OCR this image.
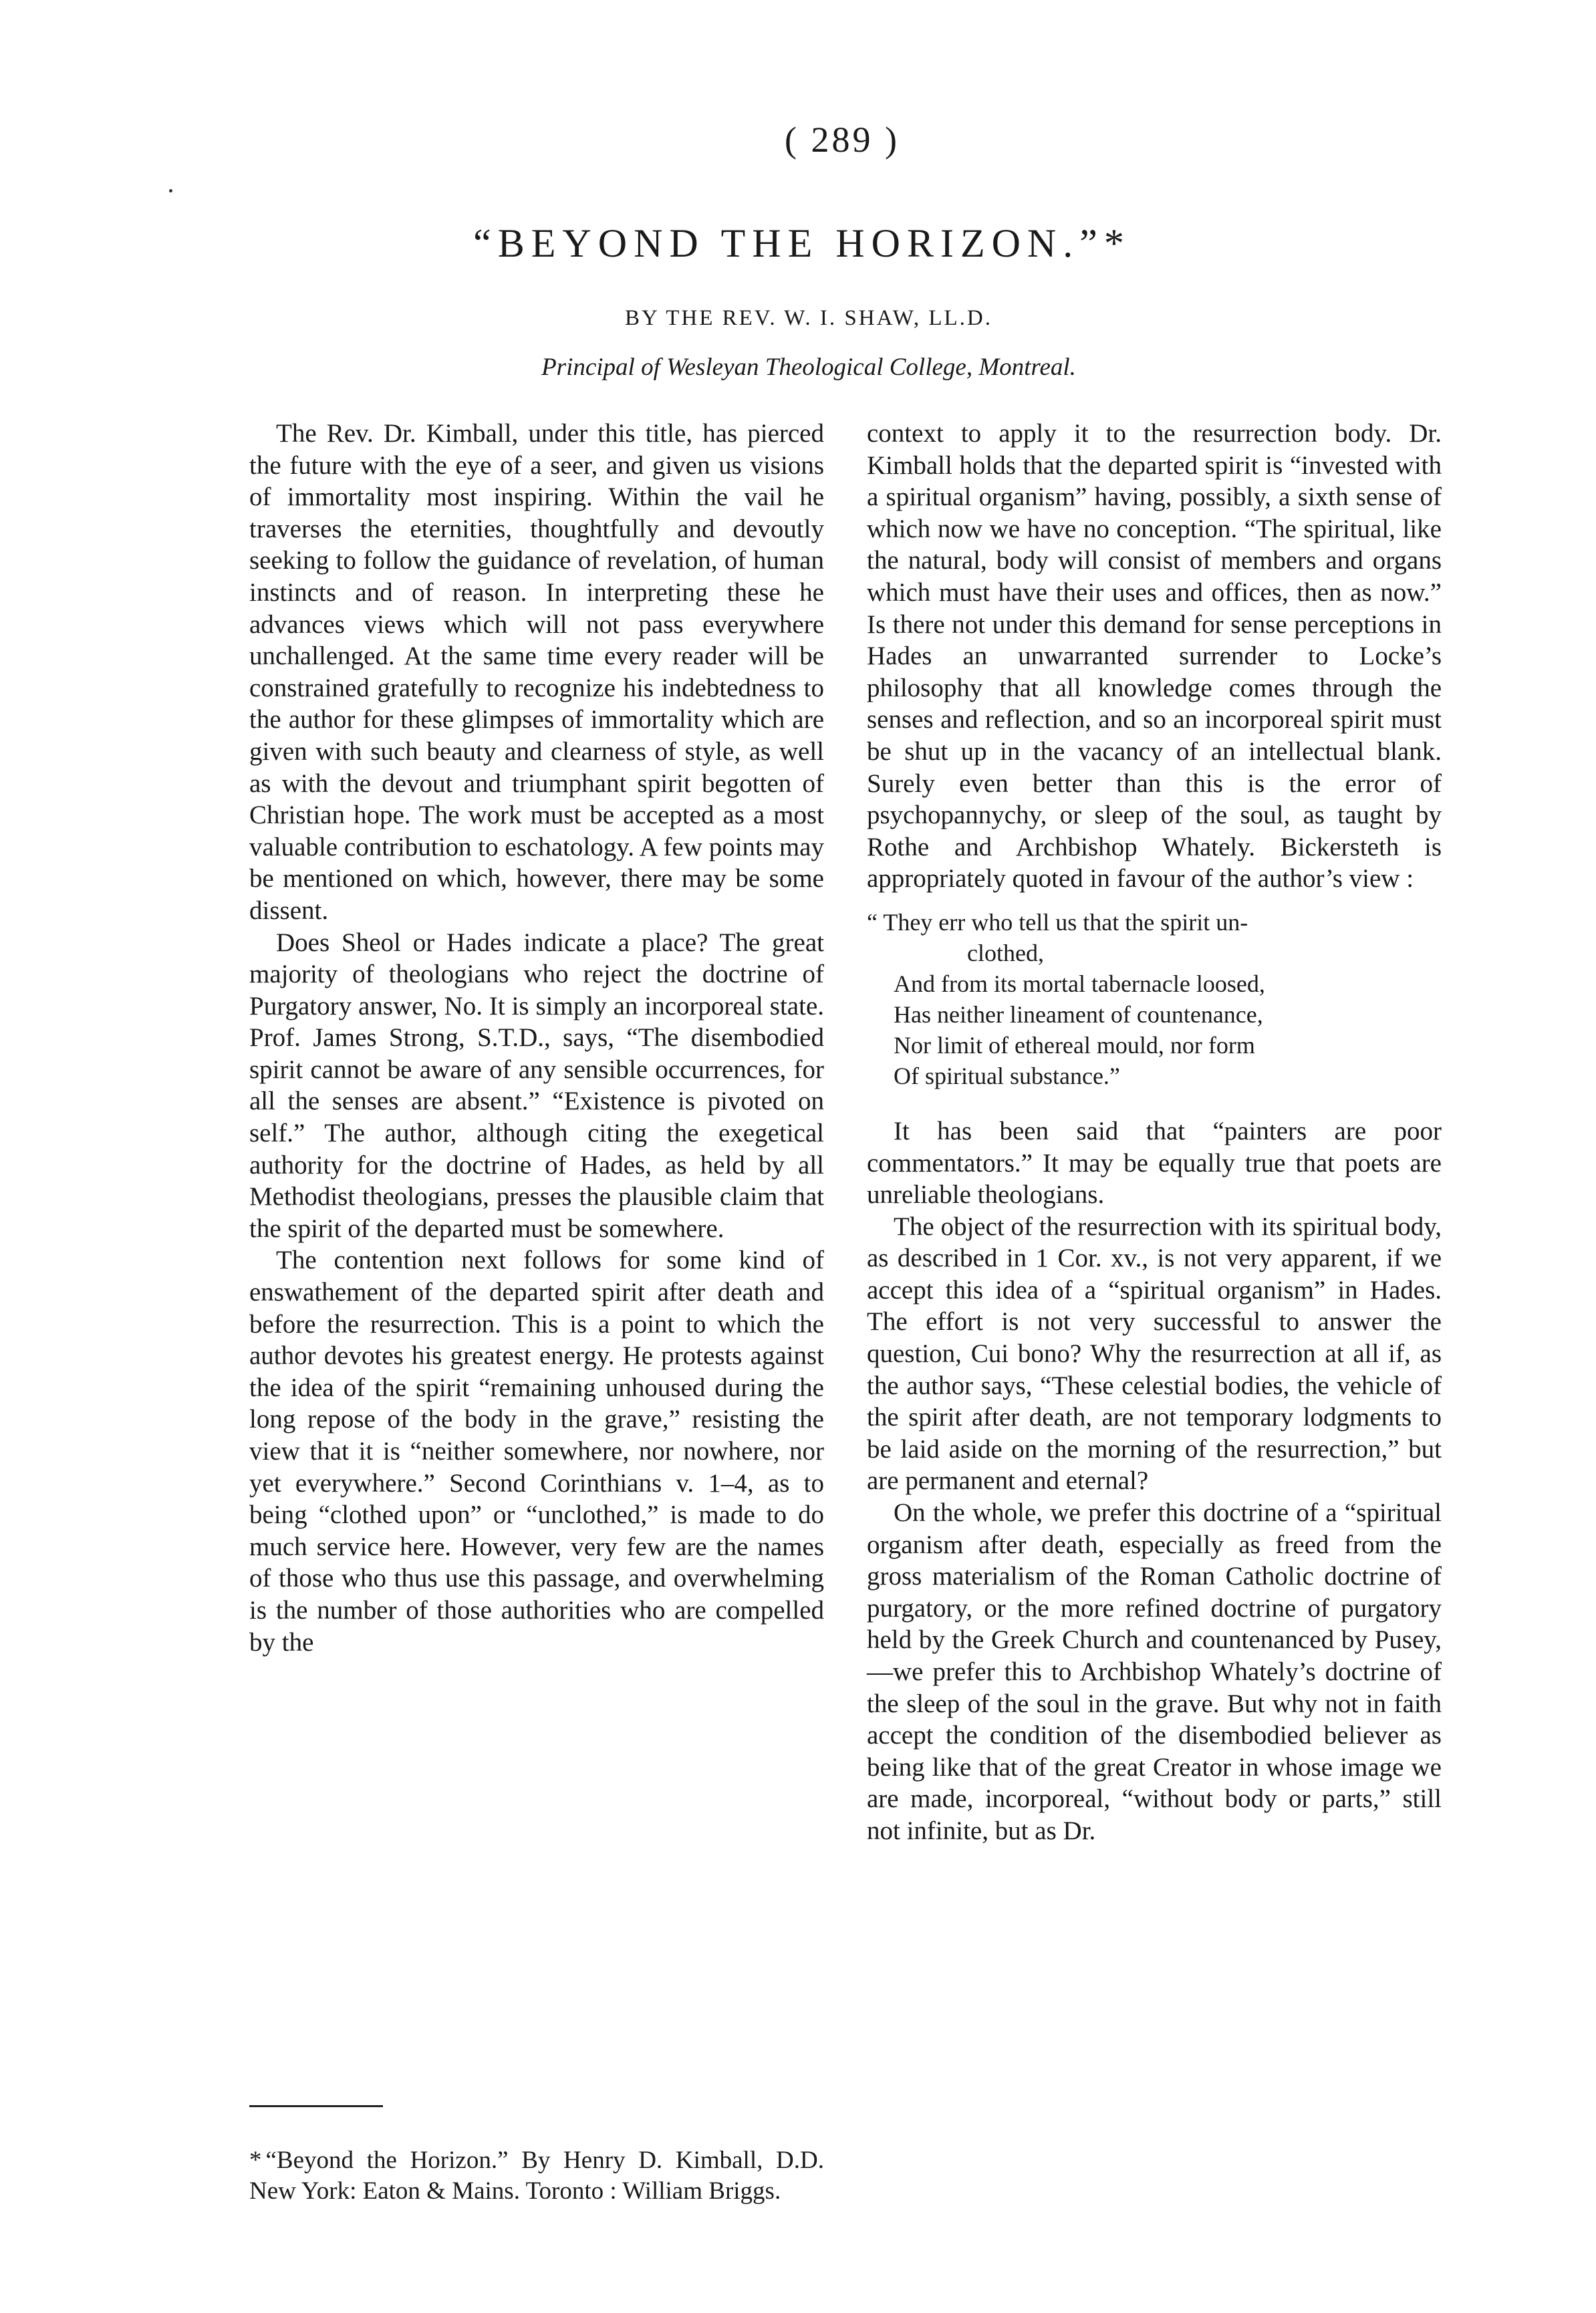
( 289 )
“BEYOND THE HORIZON.”*
BY THE REV. W. I. SHAW, LL.D.
Principal of Wesleyan Theological College, Montreal.

The Rev. Dr. Kimball, under this title, has pierced the future with the eye of a seer, and given us visions of immortality most inspiring. Within the vail he traverses the eternities, thoughtfully and devoutly seeking to follow the guidance of revelation, of human instincts and of reason. In interpreting these he advances views which will not pass everywhere unchallenged. At the same time every reader will be constrained gratefully to recognize his indebtedness to the author for these glimpses of immortality which are given with such beauty and clearness of style, as well as with the devout and triumphant spirit begotten of Christian hope. The work must be accepted as a most valuable contribution to eschatology. A few points may be mentioned on which, however, there may be some dissent.

Does Sheol or Hades indicate a place? The great majority of theologians who reject the doctrine of Purgatory answer, No. It is simply an incorporeal state. Prof. James Strong, S.T.D., says, “The disembodied spirit cannot be aware of any sensible occurrences, for all the senses are absent.” “Existence is pivoted on self.” The author, although citing the exegetical authority for the doctrine of Hades, as held by all Methodist theologians, presses the plausible claim that the spirit of the departed must be somewhere.

The contention next follows for some kind of enswathement of the departed spirit after death and before the resurrection. This is a point to which the author devotes his greatest energy. He protests against the idea of the spirit “remaining unhoused during the long repose of the body in the grave,” resisting the view that it is “neither somewhere, nor nowhere, nor yet everywhere.” Second Corinthians v. 1–4, as to being “clothed upon” or “unclothed,” is made to do much service here. However, very few are the names of those who thus use this passage, and overwhelming is the number of those authorities who are compelled by the

context to apply it to the resurrection body. Dr. Kimball holds that the departed spirit is “invested with a spiritual organism” having, possibly, a sixth sense of which now we have no conception. “The spiritual, like the natural, body will consist of members and organs which must have their uses and offices, then as now.” Is there not under this demand for sense perceptions in Hades an unwarranted surrender to Locke’s philosophy that all knowledge comes through the senses and reflection, and so an incorporeal spirit must be shut up in the vacancy of an intellectual blank. Surely even better than this is the error of psychopannychy, or sleep of the soul, as taught by Rothe and Archbishop Whately. Bickersteth is appropriately quoted in favour of the author’s view :

“ They err who tell us that the spirit un-
clothed,
And from its mortal tabernacle loosed,
Has neither lineament of countenance,
Nor limit of ethereal mould, nor form
Of spiritual substance.”

It has been said that “painters are poor commentators.” It may be equally true that poets are unreliable theologians.

The object of the resurrection with its spiritual body, as described in 1 Cor. xv., is not very apparent, if we accept this idea of a “spiritual organism” in Hades. The effort is not very successful to answer the question, Cui bono? Why the resurrection at all if, as the author says, “These celestial bodies, the vehicle of the spirit after death, are not temporary lodgments to be laid aside on the morning of the resurrection,” but are permanent and eternal?

On the whole, we prefer this doctrine of a “spiritual organism after death, especially as freed from the gross materialism of the Roman Catholic doctrine of purgatory, or the more refined doctrine of purgatory held by the Greek Church and countenanced by Pusey,—we prefer this to Archbishop Whately’s doctrine of the sleep of the soul in the grave. But why not in faith accept the condition of the disembodied believer as being like that of the great Creator in whose image we are made, incorporeal, “without body or parts,” still not infinite, but as Dr.

* “Beyond the Horizon.” By Henry D. Kimball, D.D. New York: Eaton & Mains. Toronto : William Briggs.
